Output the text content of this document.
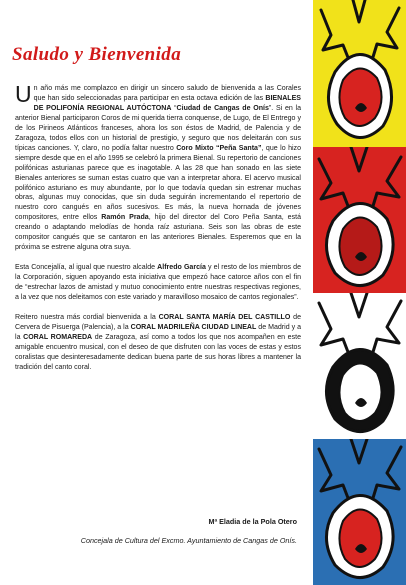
Saludo y Bienvenida

Un año más me complazco en dirigir un sincero saludo de bienvenida a las Corales que han sido seleccionadas para participar en esta octava edición de las BIENALES DE POLIFONÍA REGIONAL AUTÓCTONA “Ciudad de Cangas de Onís”. Si en la anterior Bienal participaron Coros de mi querida tierra conquense, de Lugo, de El Entrego y de los Pirineos Atlánticos franceses, ahora los son éstos de Madrid, de Palencia y de Zaragoza, todos ellos con un historial de prestigio, y seguro que nos deleitarán con sus típicas canciones. Y, claro, no podía faltar nuestro Coro Mixto “Peña Santa”, que lo hizo siempre desde que en el año 1995 se celebró la primera Bienal. Su repertorio de canciones polifónicas asturianas parece que es inagotable. A las 28 que han sonado en las siete Bienales anteriores se suman estas cuatro que van a interpretar ahora. El acervo musical polifónico asturiano es muy abundante, por lo que todavía quedan sin estrenar muchas obras, algunas muy conocidas, que sin duda seguirán incrementando el repertorio de nuestro coro cangués en años sucesivos. Es más, la nueva hornada de jóvenes compositores, entre ellos Ramón Prada, hijo del director del Coro Peña Santa, está creando o adaptando melodías de honda raíz asturiana. Seis son las obras de este compositor cangués que se cantaron en las anteriores Bienales. Esperemos que en la próxima se estrene alguna otra suya.

Esta Concejalía, al igual que nuestro alcalde Alfredo García y el resto de los miembros de la Corporación, siguen apoyando esta iniciativa que empezó hace catorce años con el fin de “estrechar lazos de amistad y mutuo conocimiento entre nuestras respectivas regiones, a la vez que nos deleitamos con este variado y maravilloso mosaico de cantos regionales”.

Reitero nuestra más cordial bienvenida a la CORAL SANTA MARÍA DEL CASTILLO de Cervera de Pisuerga (Palencia), a la CORAL MADRILEÑA CIUDAD LINEAL de Madrid y a la CORAL ROMAREDA de Zaragoza, así como a todos los que nos acompañen en este amigable encuentro musical, con el deseo de que disfruten con las voces de estas y estos coralistas que desinteresadamente dedican buena parte de sus horas libres a mantener la tradición del canto coral.

Mª Eladia de la Pola Otero
Concejala de Cultura del Excmo. Ayuntamiento de Cangas de Onís.
